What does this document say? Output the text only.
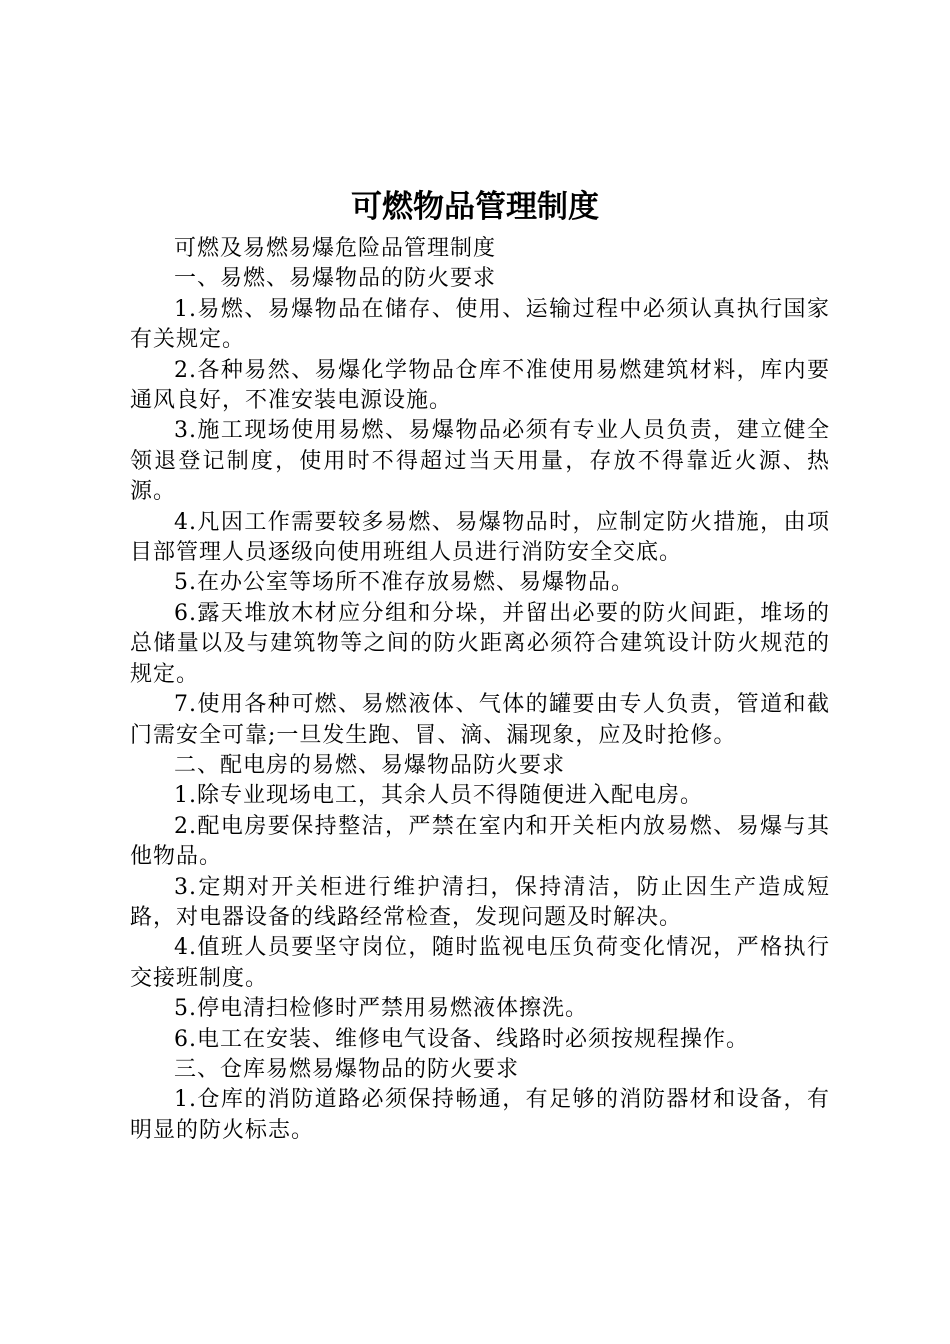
可燃物品管理制度

可燃及易燃易爆危险品管理制度

一、易燃、易爆物品的防火要求

1.易燃、易爆物品在储存、使用、运输过程中必须认真执行国家有关规定。

2.各种易然、易爆化学物品仓库不准使用易燃建筑材料，库内要通风良好，不准安装电源设施。

3.施工现场使用易燃、易爆物品必须有专业人员负责，建立健全领退登记制度，使用时不得超过当天用量，存放不得靠近火源、热源。

4.凡因工作需要较多易燃、易爆物品时，应制定防火措施，由项目部管理人员逐级向使用班组人员进行消防安全交底。

5.在办公室等场所不准存放易燃、易爆物品。

6.露天堆放木材应分组和分垛，并留出必要的防火间距，堆场的总储量以及与建筑物等之间的防火距离必须符合建筑设计防火规范的规定。

7.使用各种可燃、易燃液体、气体的罐要由专人负责，管道和截门需安全可靠;一旦发生跑、冒、滴、漏现象，应及时抢修。

二、配电房的易燃、易爆物品防火要求

1.除专业现场电工，其余人员不得随便进入配电房。

2.配电房要保持整洁，严禁在室内和开关柜内放易燃、易爆与其他物品。

3.定期对开关柜进行维护清扫，保持清洁，防止因生产造成短路，对电器设备的线路经常检查，发现问题及时解决。

4.值班人员要坚守岗位，随时监视电压负荷变化情况，严格执行交接班制度。

5.停电清扫检修时严禁用易燃液体擦洗。

6.电工在安装、维修电气设备、线路时必须按规程操作。

三、仓库易燃易爆物品的防火要求

1.仓库的消防道路必须保持畅通，有足够的消防器材和设备，有明显的防火标志。
